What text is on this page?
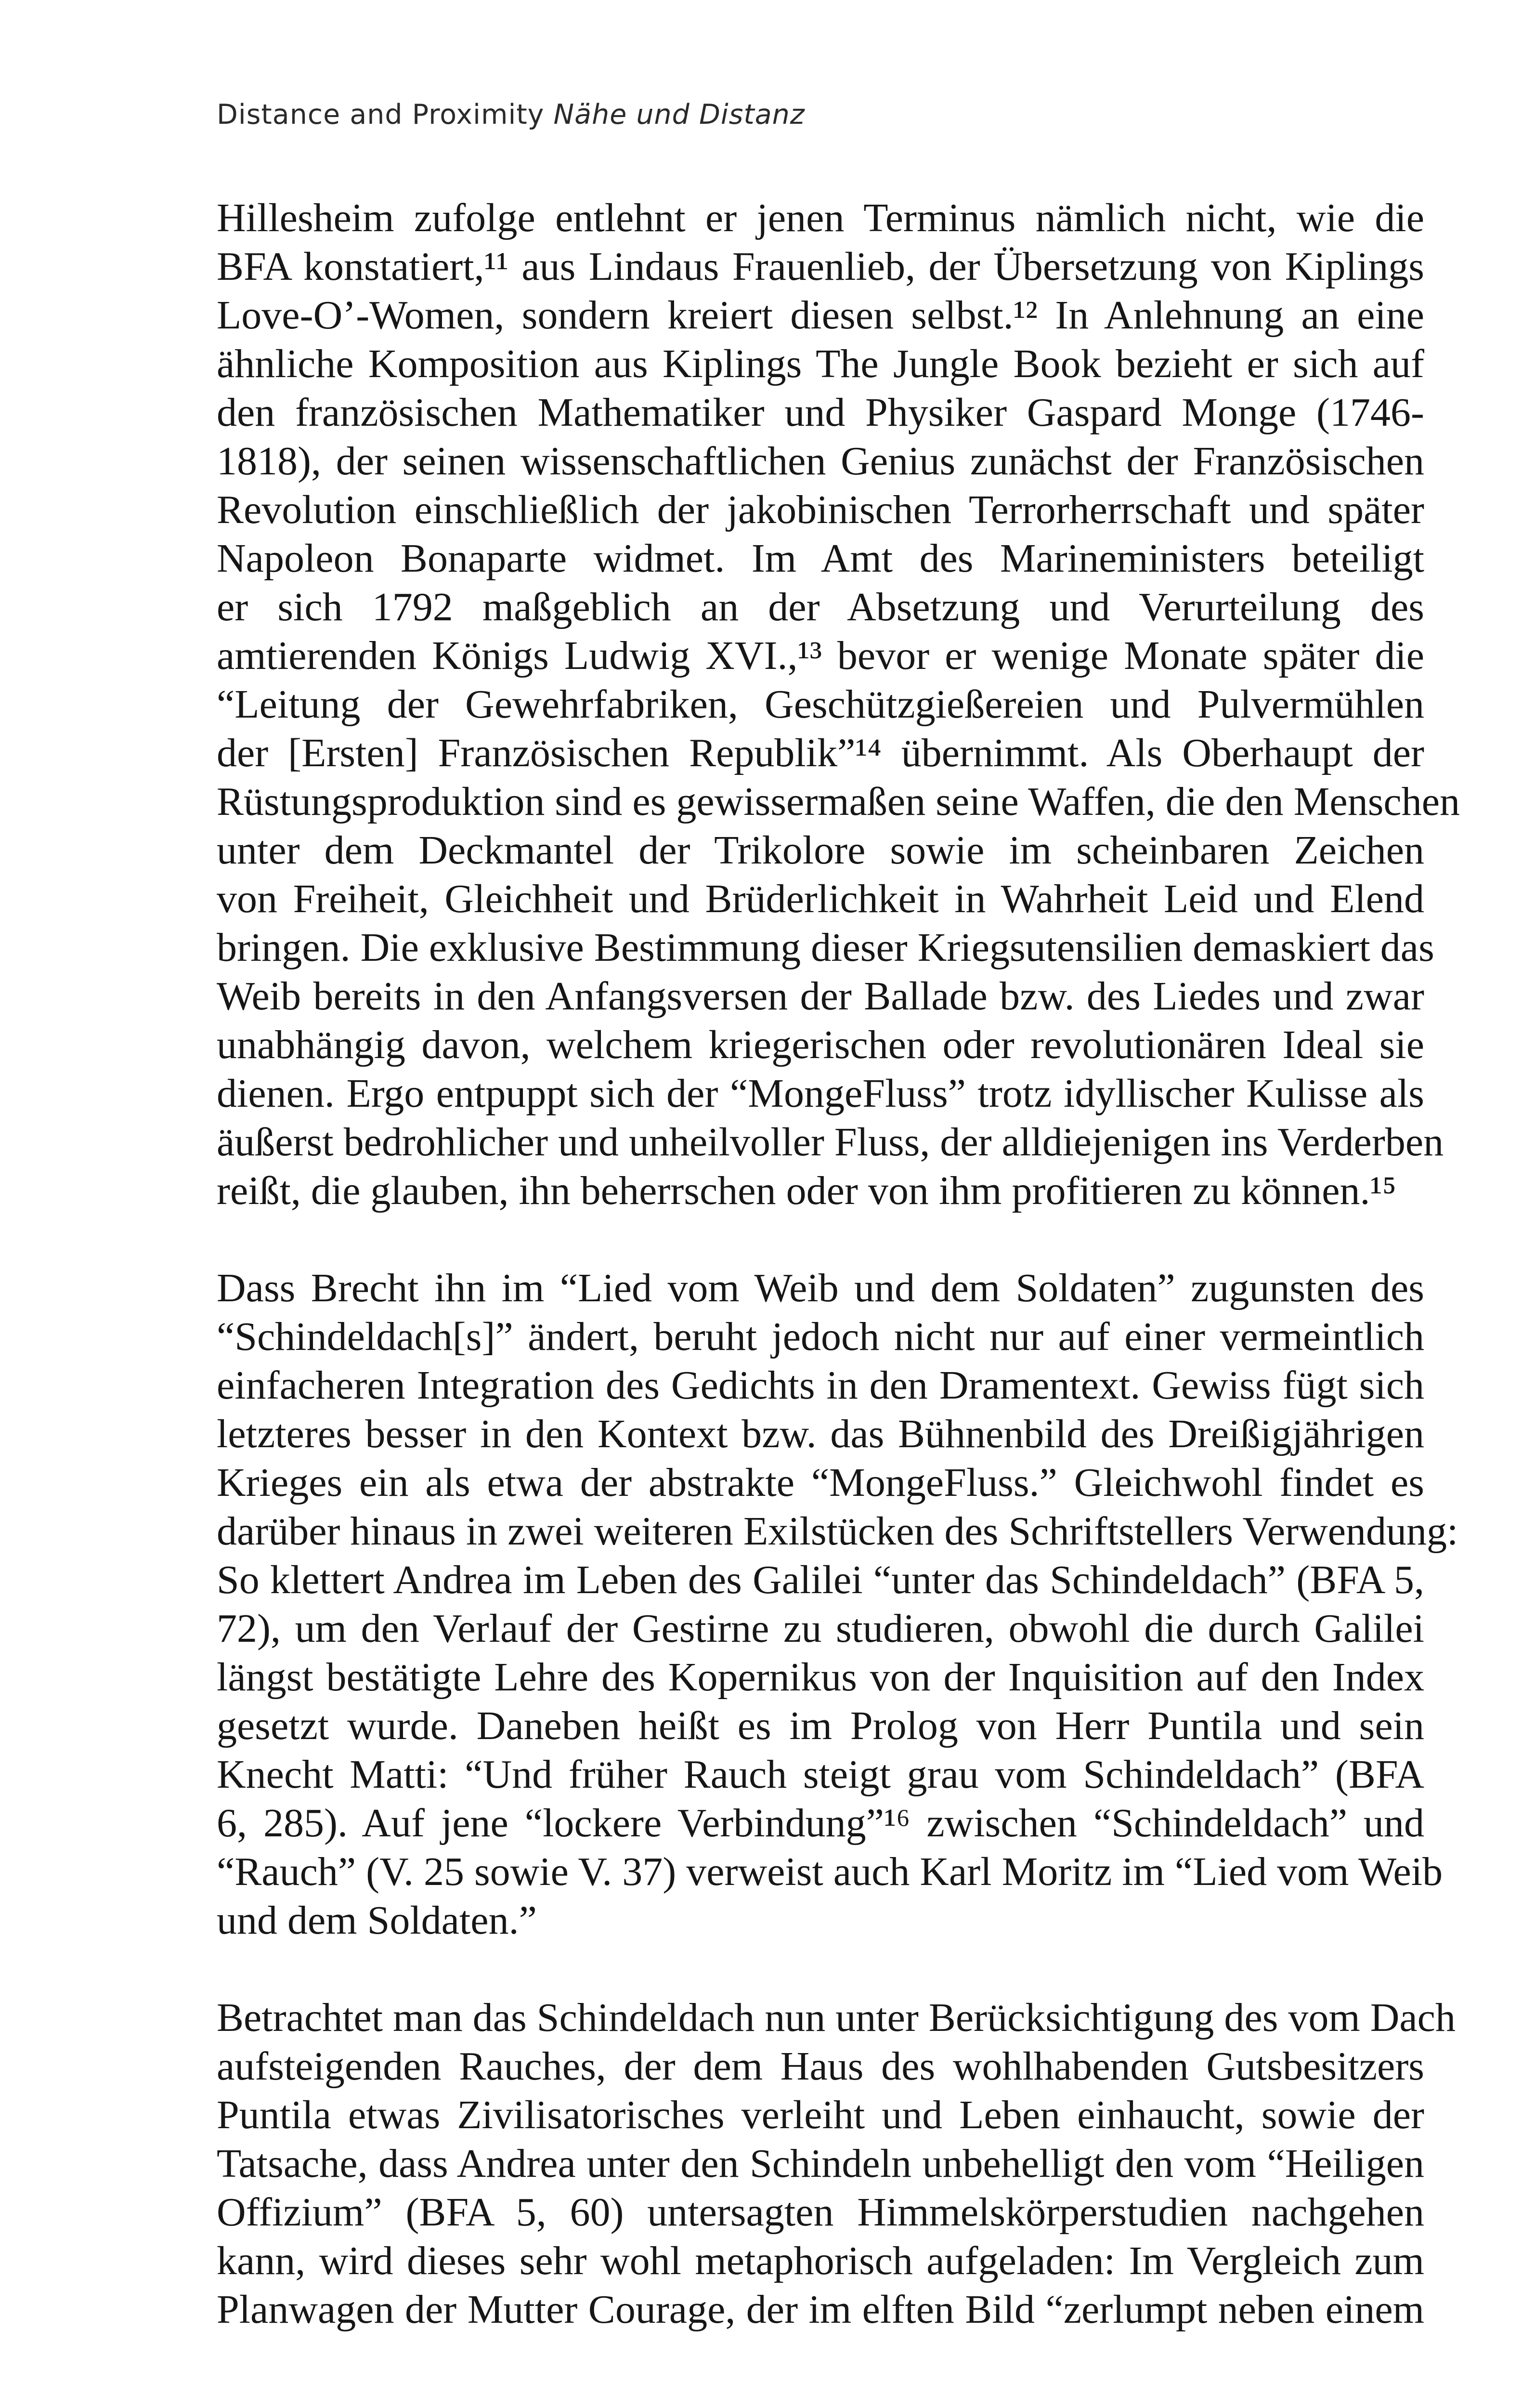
Distance and Proximity Nähe und Distanz
Hillesheim zufolge entlehnt er jenen Terminus nämlich nicht, wie die
BFA konstatiert,¹¹ aus Lindaus Frauenlieb, der Übersetzung von Kiplings
Love-O’-Women, sondern kreiert diesen selbst.¹² In Anlehnung an eine
ähnliche Komposition aus Kiplings The Jungle Book bezieht er sich auf
den französischen Mathematiker und Physiker Gaspard Monge (1746-
1818), der seinen wissenschaftlichen Genius zunächst der Französischen
Revolution einschließlich der jakobinischen Terrorherrschaft und später
Napoleon Bonaparte widmet. Im Amt des Marineministers beteiligt
er sich 1792 maßgeblich an der Absetzung und Verurteilung des
amtierenden Königs Ludwig XVI.,¹³ bevor er wenige Monate später die
“Leitung der Gewehrfabriken, Geschützgießereien und Pulvermühlen
der [Ersten] Französischen Republik”¹⁴ übernimmt. Als Oberhaupt der
Rüstungsproduktion sind es gewissermaßen seine Waffen, die den Menschen
unter dem Deckmantel der Trikolore sowie im scheinbaren Zeichen
von Freiheit, Gleichheit und Brüderlichkeit in Wahrheit Leid und Elend
bringen. Die exklusive Bestimmung dieser Kriegsutensilien demaskiert das
Weib bereits in den Anfangsversen der Ballade bzw. des Liedes und zwar
unabhängig davon, welchem kriegerischen oder revolutionären Ideal sie
dienen. Ergo entpuppt sich der “MongeFluss” trotz idyllischer Kulisse als
äußerst bedrohlicher und unheilvoller Fluss, der alldiejenigen ins Verderben
reißt, die glauben, ihn beherrschen oder von ihm profitieren zu können.¹⁵
Dass Brecht ihn im “Lied vom Weib und dem Soldaten” zugunsten des
“Schindeldach[s]” ändert, beruht jedoch nicht nur auf einer vermeintlich
einfacheren Integration des Gedichts in den Dramentext. Gewiss fügt sich
letzteres besser in den Kontext bzw. das Bühnenbild des Dreißigjährigen
Krieges ein als etwa der abstrakte “MongeFluss.” Gleichwohl findet es
darüber hinaus in zwei weiteren Exilstücken des Schriftstellers Verwendung:
So klettert Andrea im Leben des Galilei “unter das Schindeldach” (BFA 5,
72), um den Verlauf der Gestirne zu studieren, obwohl die durch Galilei
längst bestätigte Lehre des Kopernikus von der Inquisition auf den Index
gesetzt wurde. Daneben heißt es im Prolog von Herr Puntila und sein
Knecht Matti: “Und früher Rauch steigt grau vom Schindeldach” (BFA
6, 285). Auf jene “lockere Verbindung”¹⁶ zwischen “Schindeldach” und
“Rauch” (V. 25 sowie V. 37) verweist auch Karl Moritz im “Lied vom Weib
und dem Soldaten.”
Betrachtet man das Schindeldach nun unter Berücksichtigung des vom Dach
aufsteigenden Rauches, der dem Haus des wohlhabenden Gutsbesitzers
Puntila etwas Zivilisatorisches verleiht und Leben einhaucht, sowie der
Tatsache, dass Andrea unter den Schindeln unbehelligt den vom “Heiligen
Offizium” (BFA 5, 60) untersagten Himmelskörperstudien nachgehen
kann, wird dieses sehr wohl metaphorisch aufgeladen: Im Vergleich zum
Planwagen der Mutter Courage, der im elften Bild “zerlumpt neben einem
